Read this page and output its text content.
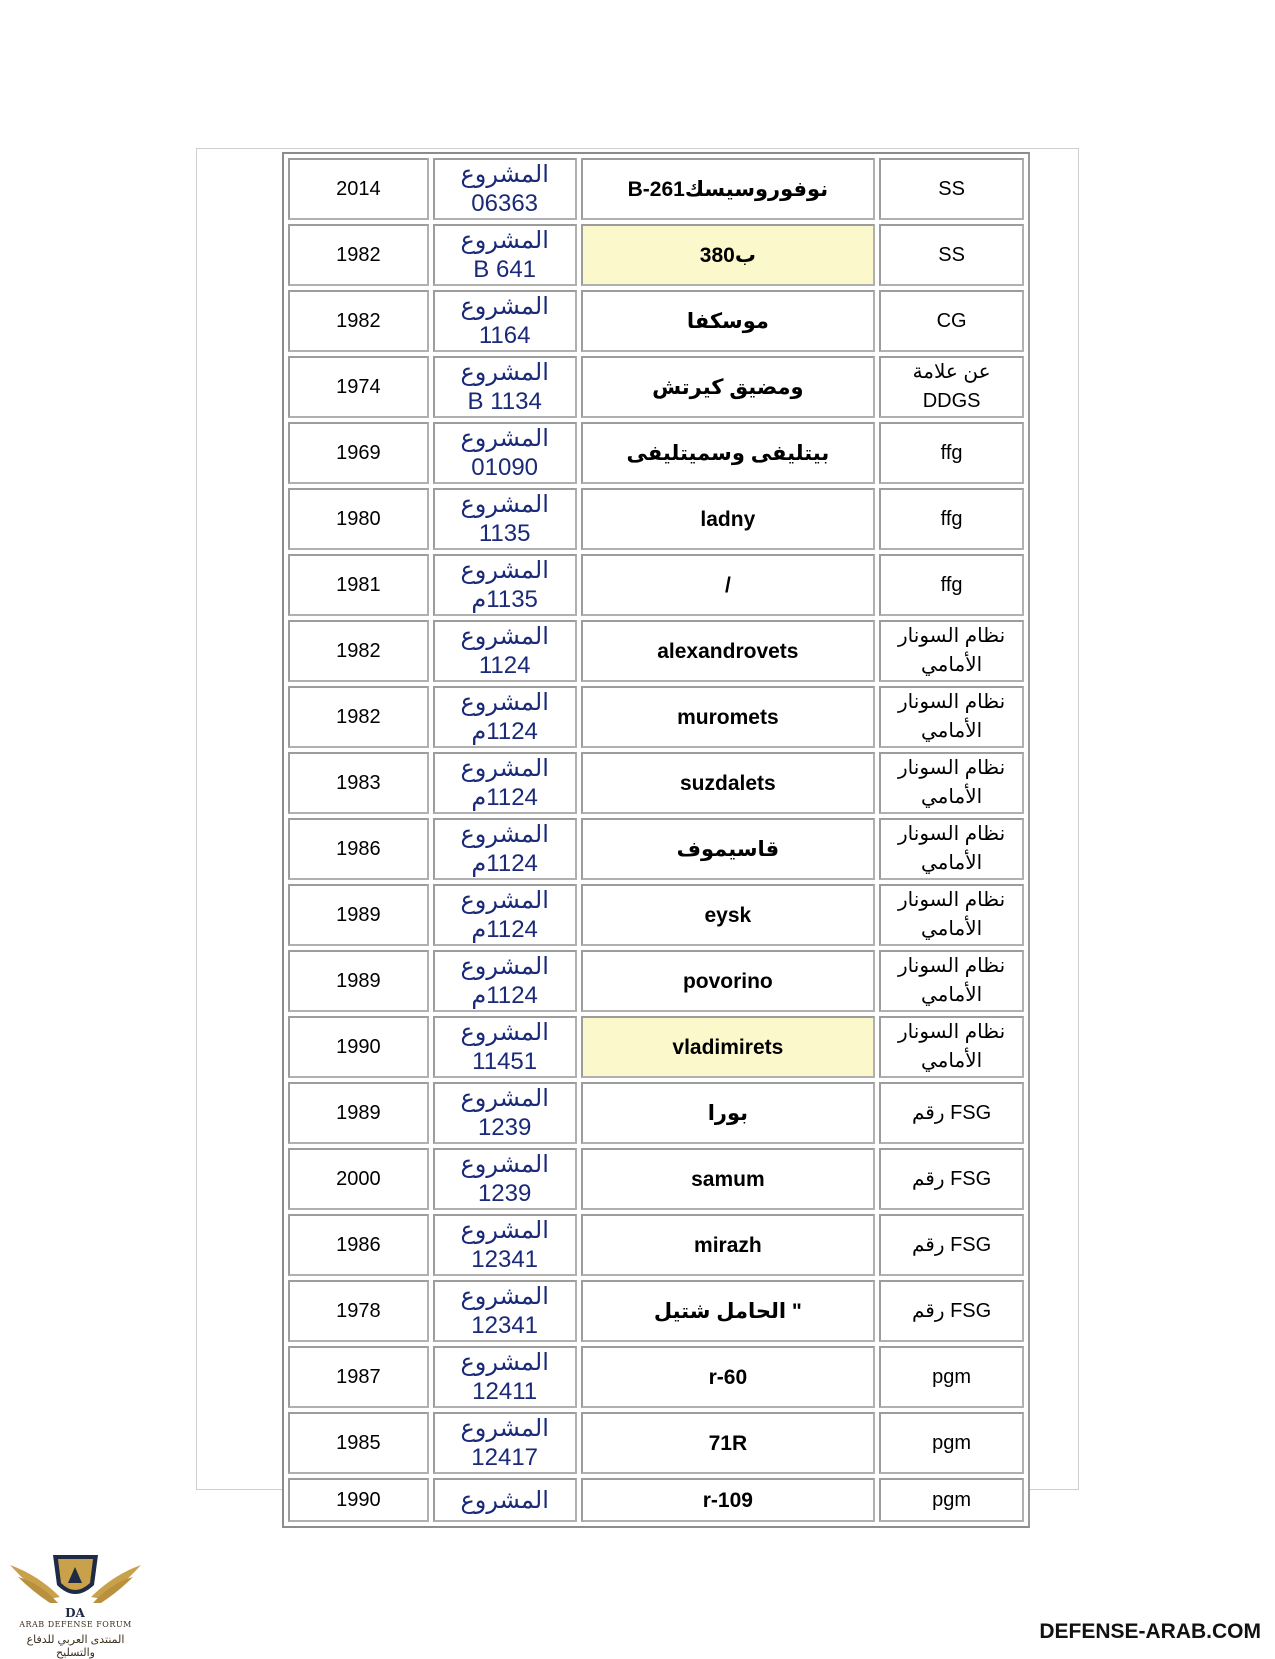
2014	المشروع 06363	B-261نوفوروسيسك	SS
1982	المشروع 641 B	ب380	SS
1982	المشروع 1164	موسكفا	CG
1974	المشروع 1134 B	ومضيق كيرتش	عن علامة DDGS
1969	المشروع 01090	بيتليفى وسميتليفى	ffg
1980	المشروع 1135	ladny	ffg
1981	المشروع 1135م	/	ffg
1982	المشروع 1124	alexandrovets	نظام السونار الأمامي
1982	المشروع 1124م	muromets	نظام السونار الأمامي
1983	المشروع 1124م	suzdalets	نظام السونار الأمامي
1986	المشروع 1124م	قاسيموف	نظام السونار الأمامي
1989	المشروع 1124م	eysk	نظام السونار الأمامي
1989	المشروع 1124م	povorino	نظام السونار الأمامي
1990	المشروع 11451	vladimirets	نظام السونار الأمامي
1989	المشروع 1239	بورا	رقم FSG
2000	المشروع 1239	samum	رقم FSG
1986	المشروع 12341	mirazh	رقم FSG
1978	المشروع 12341	الحامل شتيل "	رقم FSG
1987	المشروع 12411	r-60	pgm
1985	المشروع 12417	71R	pgm
1990	المشروع	r-109	pgm
DA
ARAB DEFENSE FORUM
المنتدى العربي للدفاع والتسليح
DEFENSE-ARAB.COM
